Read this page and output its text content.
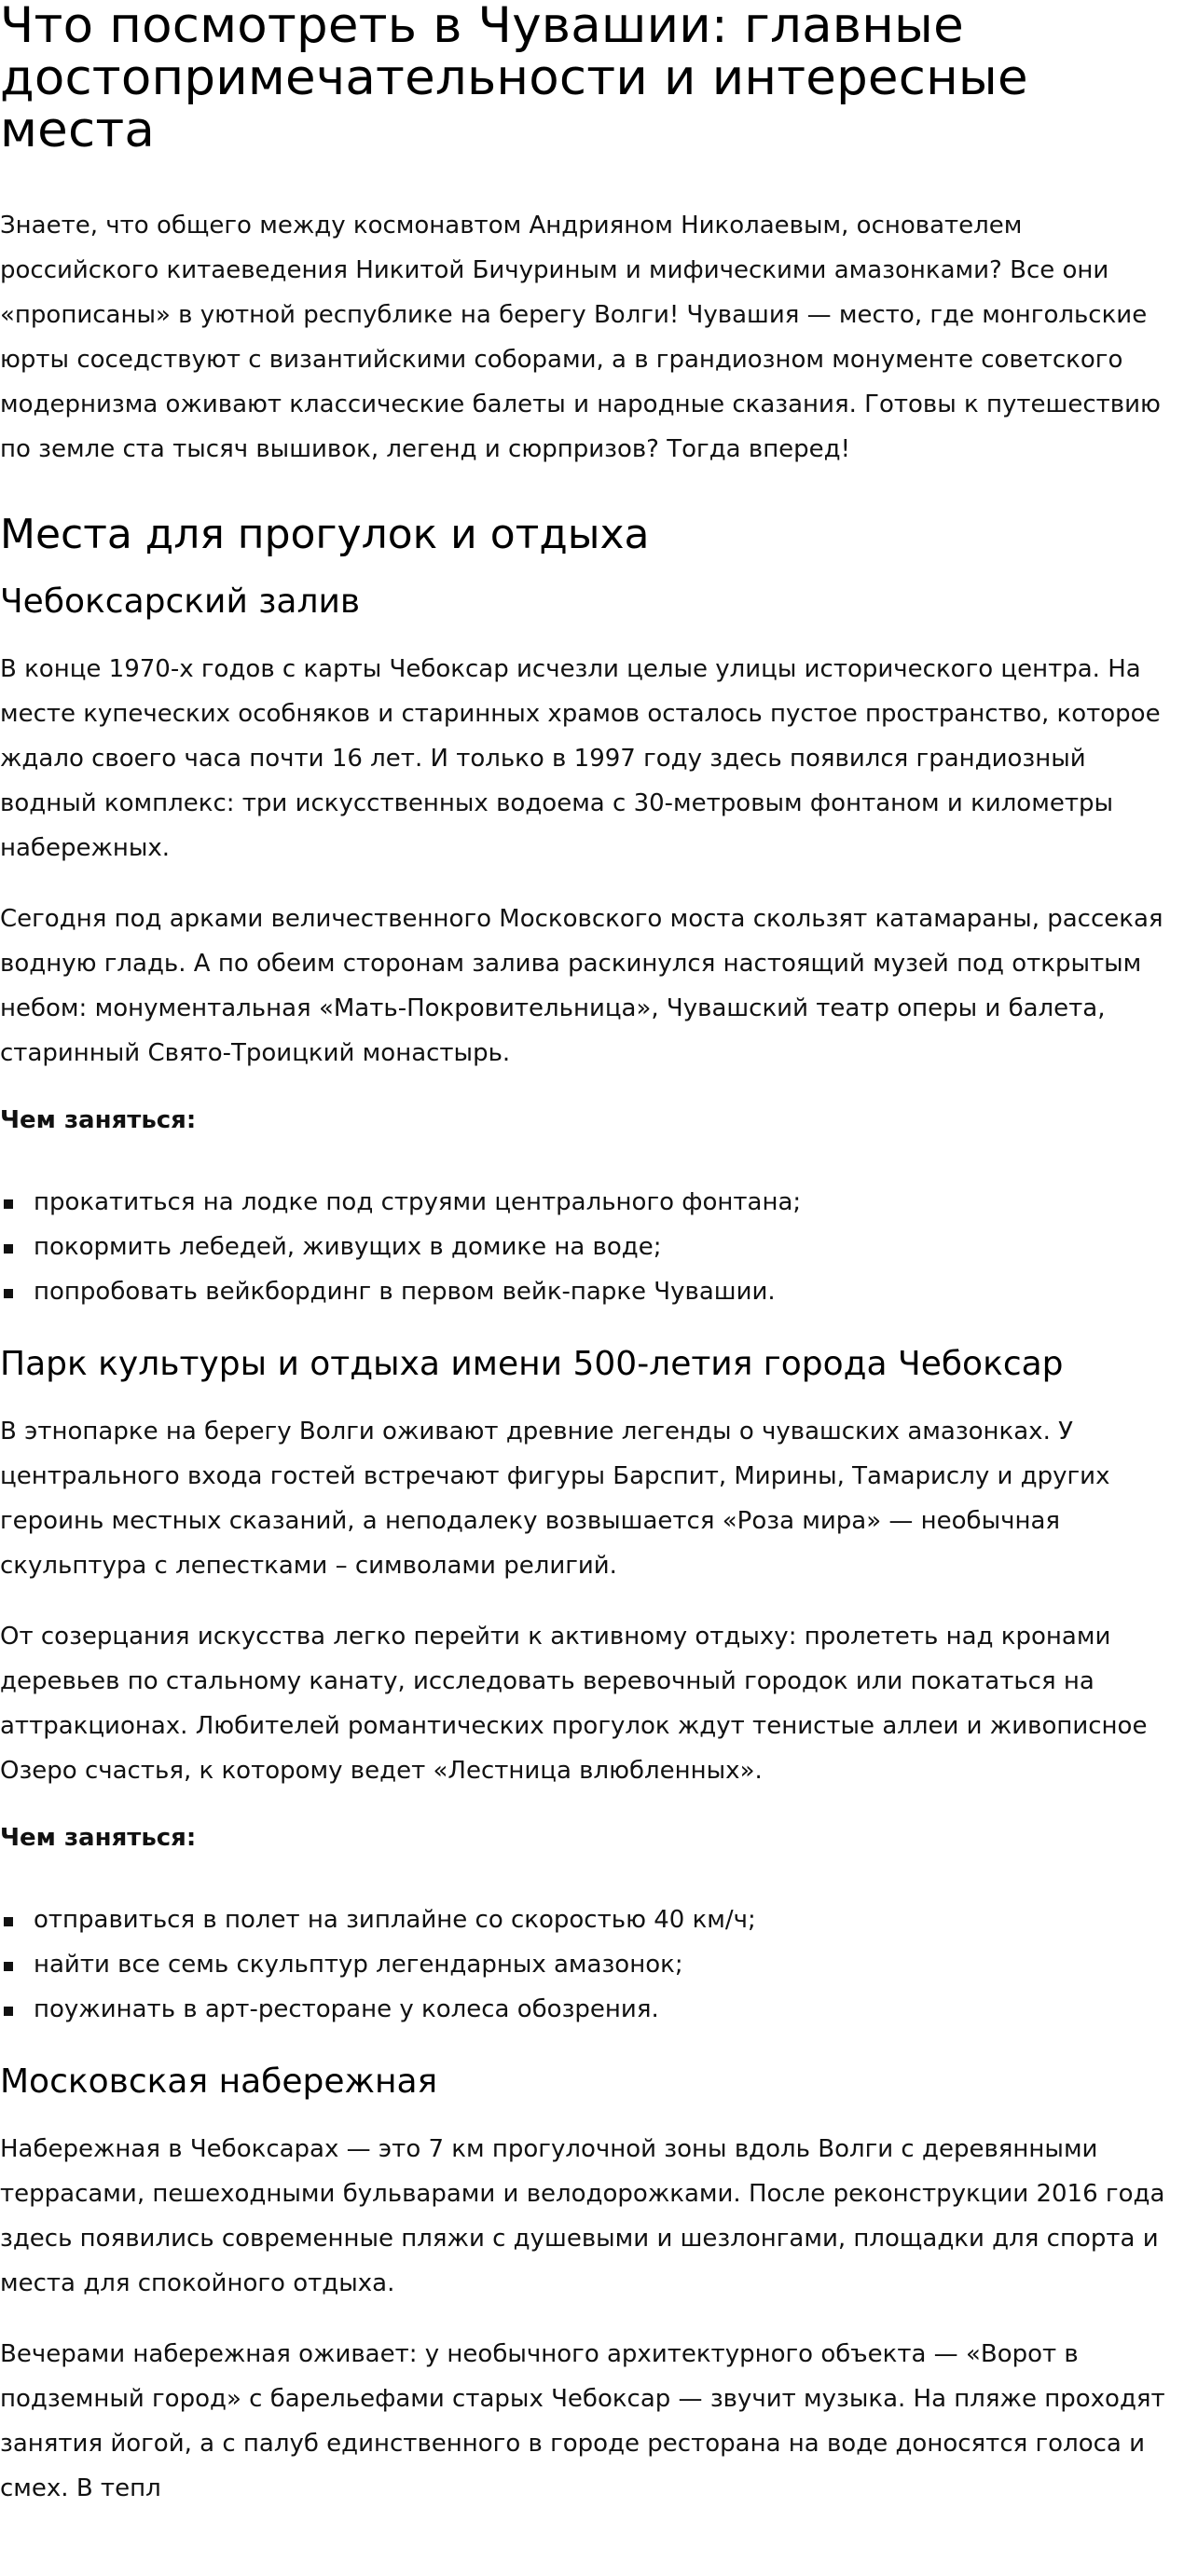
Что посмотреть в Чувашии: главные достопримечательности и интересные места

Знаете, что общего между космонавтом Андрияном Николаевым, основателем российского китаеведения Никитой Бичуриным и мифическими амазонками? Все они «прописаны» в уютной республике на берегу Волги! Чувашия — место, где монгольские юрты соседствуют с византийскими соборами, а в грандиозном монументе советского модернизма оживают классические балеты и народные сказания. Готовы к путешествию по земле ста тысяч вышивок, легенд и сюрпризов? Тогда вперед!

Места для прогулок и отдыха
Чебоксарский залив

В конце 1970-х годов с карты Чебоксар исчезли целые улицы исторического центра. На месте купеческих особняков и старинных храмов осталось пустое пространство, которое ждало своего часа почти 16 лет. И только в 1997 году здесь появился грандиозный водный комплекс: три искусственных водоема с 30-метровым фонтаном и километры набережных.

Сегодня под арками величественного Московского моста скользят катамараны, рассекая водную гладь. А по обеим сторонам залива раскинулся настоящий музей под открытым небом: монументальная «Мать-Покровительница», Чувашский театр оперы и балета, старинный Свято-Троицкий монастырь.

Чем заняться:

прокатиться на лодке под струями центрального фонтана;
покормить лебедей, живущих в домике на воде;
попробовать вейкбординг в первом вейк-парке Чувашии.
Парк культуры и отдыха имени 500-летия города Чебоксар

В этнопарке на берегу Волги оживают древние легенды о чувашских амазонках. У центрального входа гостей встречают фигуры Барспит, Мирины, Тамарислу и других героинь местных сказаний, а неподалеку возвышается «Роза мира» — необычная скульптура с лепестками – символами религий.

От созерцания искусства легко перейти к активному отдыху: пролететь над кронами деревьев по стальному канату, исследовать веревочный городок или покататься на аттракционах. Любителей романтических прогулок ждут тенистые аллеи и живописное Озеро счастья, к которому ведет «Лестница влюбленных».

Чем заняться:

отправиться в полет на зиплайне со скоростью 40 км/ч;
найти все семь скульптур легендарных амазонок;
поужинать в арт-ресторане у колеса обозрения.
Московская набережная

Набережная в Чебоксарах — это 7 км прогулочной зоны вдоль Волги с деревянными террасами, пешеходными бульварами и велодорожками. После реконструкции 2016 года здесь появились современные пляжи с душевыми и шезлонгами, площадки для спорта и места для спокойного отдыха.

Вечерами набережная оживает: у необычного архитектурного объекта — «Ворот в подземный город» с барельефами старых Чебоксар — звучит музыка. На пляже проходят занятия йогой, а с палуб единственного в городе ресторана на воде доносятся голоса и смех. В тепл
